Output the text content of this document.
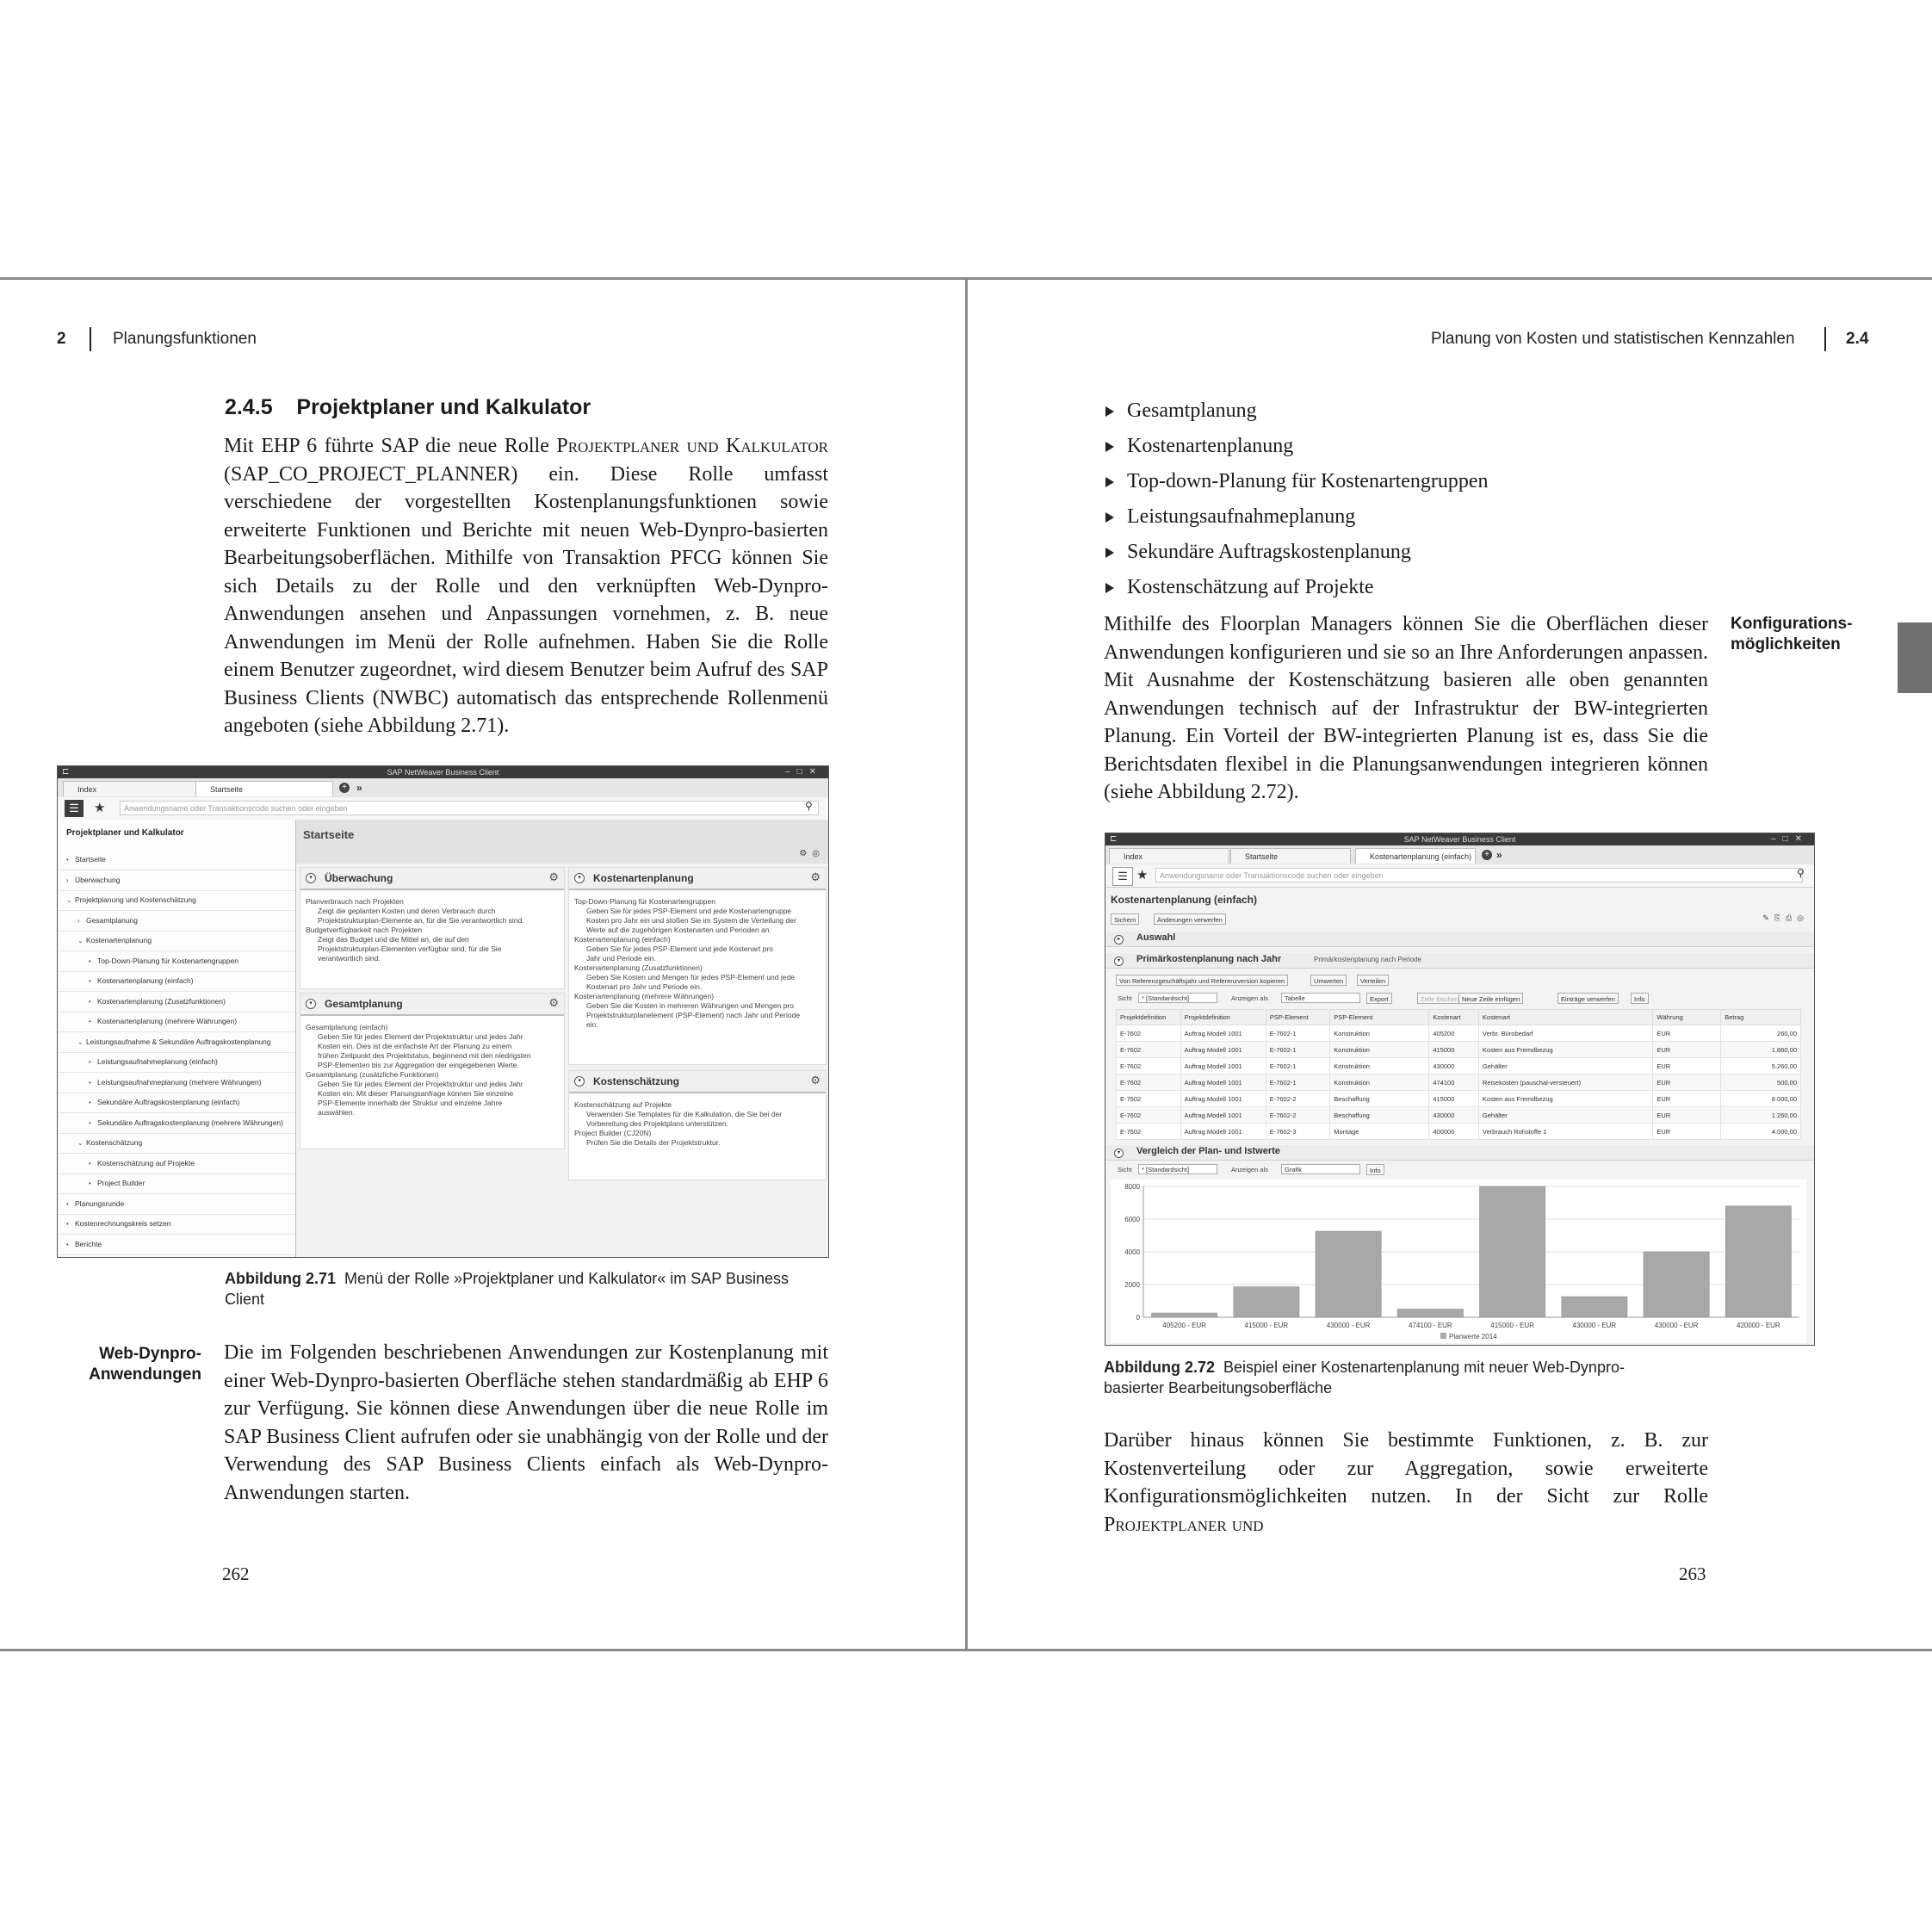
2	Planungsfunktionen
2.4.5 Projektplaner und Kalkulator
Mit EHP 6 führte SAP die neue Rolle Projektplaner und Kalkulator (SAP_CO_PROJECT_PLANNER) ein. Diese Rolle umfasst verschiedene der vorgestellten Kostenplanungsfunktionen sowie erweiterte Funktionen und Berichte mit neuen Web-Dynpro-basierten Bearbeitungsoberflächen. Mithilfe von Transaktion PFCG können Sie sich Details zu der Rolle und den verknüpften Web-Dynpro-Anwendungen ansehen und Anpassungen vornehmen, z. B. neue Anwendungen im Menü der Rolle aufnehmen. Haben Sie die Rolle einem Benutzer zugeordnet, wird diesem Benutzer beim Aufruf des SAP Business Clients (NWBC) automatisch das entsprechende Rollenmenü angeboten (siehe Abbildung 2.71).
⊏	SAP NetWeaver Business Client	–□✕
Index	Startseite	+ »
☰	★	Anwendungsname oder Transaktionscode suchen oder eingeben	⚲
Projektplaner und Kalkulator
• Startseite
› Überwachung
⌄ Projektplanung und Kostenschätzung
› Gesamtplanung
⌄ Kostenartenplanung
• Top-Down-Planung für Kostenartengruppen
• Kostenartenplanung (einfach)
• Kostenartenplanung (Zusatzfunktionen)
• Kostenartenplanung (mehrere Währungen)
⌄ Leistungsaufnahme & Sekundäre Auftragskostenplanung
• Leistungsaufnahmeplanung (einfach)
• Leistungsaufnahmeplanung (mehrere Währungen)
• Sekundäre Auftragskostenplanung (einfach)
• Sekundäre Auftragskostenplanung (mehrere Währungen)
⌄ Kostenschätzung
• Kostenschätzung auf Projekte
• Project Builder
• Planungsrunde
• Kostenrechnungskreis setzen
• Berichte
Startseite
⚙◎
▾	Überwachung	⚙
Planverbrauch nach Projekten
Zeigt die geplanten Kosten und deren Verbrauch durch
Projektstrukturplan-Elemente an, für die Sie verantwortlich sind.
Budgetverfügbarkeit nach Projekten
Zeigt das Budget und die Mittel an, die auf den
Projektstrukturplan-Elementen verfügbar sind, für die Sie
verantwortlich sind.
▾	Gesamtplanung	⚙
Gesamtplanung (einfach)
Geben Sie für jedes Element der Projektstruktur und jedes Jahr
Kosten ein. Dies ist die einfachste Art der Planung zu einem
frühen Zeitpunkt des Projektstatus, beginnend mit den niedrigsten
PSP-Elementen bis zur Aggregation der eingegebenen Werte.
Gesamtplanung (zusätzliche Funktionen)
Geben Sie für jedes Element der Projektstruktur und jedes Jahr
Kosten ein. Mit dieser Planungsanfrage können Sie einzelne
PSP-Elemente innerhalb der Struktur und einzelne Jahre
auswählen.
▾	Kostenartenplanung	⚙
Top-Down-Planung für Kostenartengruppen
Geben Sie für jedes PSP-Element und jede Kostenartengruppe
Kosten pro Jahr ein und stoßen Sie im System die Verteilung der
Werte auf die zugehörigen Kostenarten und Perioden an.
Kostenartenplanung (einfach)
Geben Sie für jedes PSP-Element und jede Kostenart pro
Jahr und Periode ein.
Kostenartenplanung (Zusatzfunktionen)
Geben Sie Kosten und Mengen für jedes PSP-Element und jede
Kostenart pro Jahr und Periode ein.
Kostenartenplanung (mehrere Währungen)
Geben Sie die Kosten in mehreren Währungen und Mengen pro
Projektstrukturplanelement (PSP-Element) nach Jahr und Periode
ein.
▾	Kostenschätzung	⚙
Kostenschätzung auf Projekte
Verwenden Sie Templates für die Kalkulation, die Sie bei der
Vorbereitung des Projektplans unterstützen.
Project Builder (CJ20N)
Prüfen Sie die Details der Projektstruktur.
Abbildung 2.71 Menü der Rolle »Projektplaner und Kalkulator« im SAP Business Client
Web-Dynpro-
Anwendungen
Die im Folgenden beschriebenen Anwendungen zur Kostenplanung mit einer Web-Dynpro-basierten Oberfläche stehen standardmäßig ab EHP 6 zur Verfügung. Sie können diese Anwendungen über die neue Rolle im SAP Business Client aufrufen oder sie unabhängig von der Rolle und der Verwendung des SAP Business Clients einfach als Web-Dynpro-Anwendungen starten.
262
Planung von Kosten und statistischen Kennzahlen	2.4
Gesamtplanung
Kostenartenplanung
Top-down-Planung für Kostenartengruppen
Leistungsaufnahmeplanung
Sekundäre Auftragskostenplanung
Kostenschätzung auf Projekte
Konfigurations-
möglichkeiten
Mithilfe des Floorplan Managers können Sie die Oberflächen dieser Anwendungen konfigurieren und sie so an Ihre Anforderungen anpassen. Mit Ausnahme der Kostenschätzung basieren alle oben genannten Anwendungen technisch auf der Infrastruktur der BW-integrierten Planung. Ein Vorteil der BW-integrierten Planung ist es, dass Sie die Berichtsdaten flexibel in die Planungsanwendungen integrieren können (siehe Abbildung 2.72).
⊏	SAP NetWeaver Business Client	–□✕
Index	Startseite	Kostenartenplanung (einfach)	+ »
☰ ★	Anwendungsname oder Transaktionscode suchen oder eingeben	⚲
Kostenartenplanung (einfach)
Sichern	Änderungen verwerfen	✎⎘⎙◎
▸	Auswahl
▾	Primärkostenplanung nach Jahr	Primärkostenplanung nach Periode
Von Referenzgeschäftsjahr und Referenzversion kopieren	Umwerten	Verteilen
Sicht	* [Standardsicht]	Anzeigen als	Tabelle	Export	Zeile löschen Neue Zeile einfügen	Einträge verwerfen	Info
Projektdefinition	Projektdefinition	PSP-Element	PSP-Element	Kostenart	Kostenart	Währung	Betrag
E-7602	Auftrag Modell 1001	E-7602-1	Konstruktion	405200	Verbr. Bürobedarf	EUR	260,00
E-7602	Auftrag Modell 1001	E-7602-1	Konstruktion	415000	Kosten aus Fremdbezug	EUR	1.860,00
E-7602	Auftrag Modell 1001	E-7602-1	Konstruktion	430000	Gehälter	EUR	5.260,00
E-7602	Auftrag Modell 1001	E-7602-1	Konstruktion	474100	Reisekosten (pauschal-versteuert)	EUR	500,00
E-7602	Auftrag Modell 1001	E-7602-2	Beschaffung	415000	Kosten aus Fremdbezug	EUR	8.000,00
E-7602	Auftrag Modell 1001	E-7602-2	Beschaffung	430000	Gehälter	EUR	1.260,00
E-7602	Auftrag Modell 1001	E-7602-3	Montage	400000	Verbrauch Rohstoffe 1	EUR	4.000,00
▾	Vergleich der Plan- und Istwerte
Sicht	* [Standardsicht]	Anzeigen als	Grafik	Info
0
2000
4000
6000
8000
405200 - EUR	415000 - EUR	430000 - EUR	474100 - EUR	415000 - EUR	430000 - EUR	430000 - EUR	420000 - EUR
Planwerte 2014
Abbildung 2.72 Beispiel einer Kostenartenplanung mit neuer Web-Dynpro-
basierter Bearbeitungsoberfläche
Darüber hinaus können Sie bestimmte Funktionen, z. B. zur Kostenverteilung oder zur Aggregation, sowie erweiterte Konfigurationsmöglichkeiten nutzen. In der Sicht zur Rolle Projektplaner und
263
